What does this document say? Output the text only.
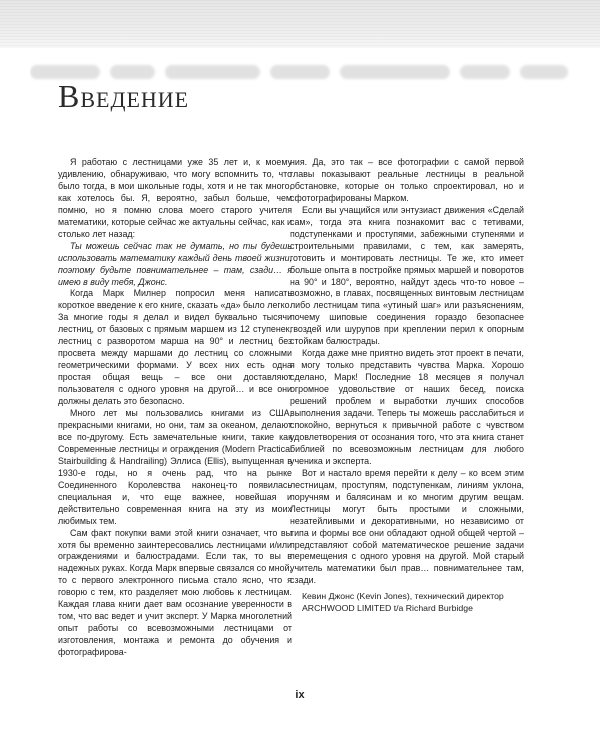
Введение

Я работаю с лестницами уже 35 лет и, к моему удивлению, обнаруживаю, что могу вспомнить то, что было тогда, в мои школьные годы, хотя и не так много, как хотелось бы. Я, вероятно, забыл больше, чем помню, но я помню слова моего старого учителя математики, которые сейчас же актуальны сейчас, как и столько лет назад:

Ты можешь сейчас так не думать, но ты будешь использовать математику каждый день твоей жизни, поэтому будьте повнимательнее – там, сзади… я имею в виду тебя, Джонс.

Когда Марк Милнер попросил меня написать короткое введение к его книге, сказать «да» было легко. За многие годы я делал и видел буквально тысячи лестниц, от базовых с прямым маршем из 12 ступенек, лестниц с разворотом марша на 90° и лестниц без просвета между маршами до лестниц со сложными геометрическими формами. У всех них есть одна простая общая вещь – все они доставляют пользователя с одного уровня на другой… и все они должны делать это безопасно.

Много лет мы пользовались книгами из США, прекрасными книгами, но они, там за океаном, делают все по-другому. Есть замечательные книги, такие как Современные лестницы и ограждения (Modern Practical Stairbuilding & Handrailing) Эллиса (Ellis), выпущенная в 1930-е годы, но я очень рад, что на рынке Соединенного Королевства наконец-то появилась специальная и, что еще важнее, новейшая и действительно современная книга на эту из моих любимых тем.

Сам факт покупки вами этой книги означает, что вы хотя бы временно заинтересовались лестницами и/или ограждениями и балюстрадами. Если так, то вы в надежных руках. Когда Марк впервые связался со мной, то с первого электронного письма стало ясно, что я говорю с тем, кто разделяет мою любовь к лестницам. Каждая глава книги дает вам осознание уверенности в том, что вас ведет и учит эксперт. У Марка многолетний опыт работы со всевозможными лестницами от изготовления, монтажа и ремонта до обучения и фотографирова-

ния. Да, это так – все фотографии с самой первой главы показывают реальные лестницы в реальной обстановке, которые он только спроектировал, но и сфотографированы Марком.

Если вы учащийся или энтузиаст движения «Сделай сам», тогда эта книга познакомит вас с тетивами, подступенками и проступями, забежными ступенями и строительными правилами, с тем, как замерять, готовить и монтировать лестницы. Те же, кто имеет больше опыта в постройке прямых маршей и поворотов на 90° и 180°, вероятно, найдут здесь что-то новое – возможно, в главах, посвященных винтовым лестницам либо лестницам типа «утиный шаг» или разъяснениям, почему шиповые соединения гораздо безопаснее гвоздей или шурупов при креплении перил к опорным стойкам балюстрады.

Когда даже мне приятно видеть этот проект в печати, я могу только представить чувства Марка. Хорошо сделано, Марк! Последние 18 месяцев я получал огромное удовольствие от наших бесед, поиска решений проблем и выработки лучших способов выполнения задачи. Теперь ты можешь расслабиться и спокойно, вернуться к привычной работе с чувством удовлетворения от осознания того, что эта книга станет библией по всевозможным лестницам для любого ученика и эксперта.

Вот и настало время перейти к делу – ко всем этим лестницам, проступям, подступенкам, линиям уклона, поручням и балясинам и ко многим другим вещам. Лестницы могут быть простыми и сложными, незатейливыми и декоративными, но независимо от типа и формы все они обладают одной общей чертой – представляют собой математическое решение задачи перемещения с одного уровня на другой. Мой старый учитель математики был прав… повнимательнее там, сзади.

Кевин Джонс (Kevin Jones), технический директор

ARCHWOOD LIMITED t/a Richard Burbidge

ix
